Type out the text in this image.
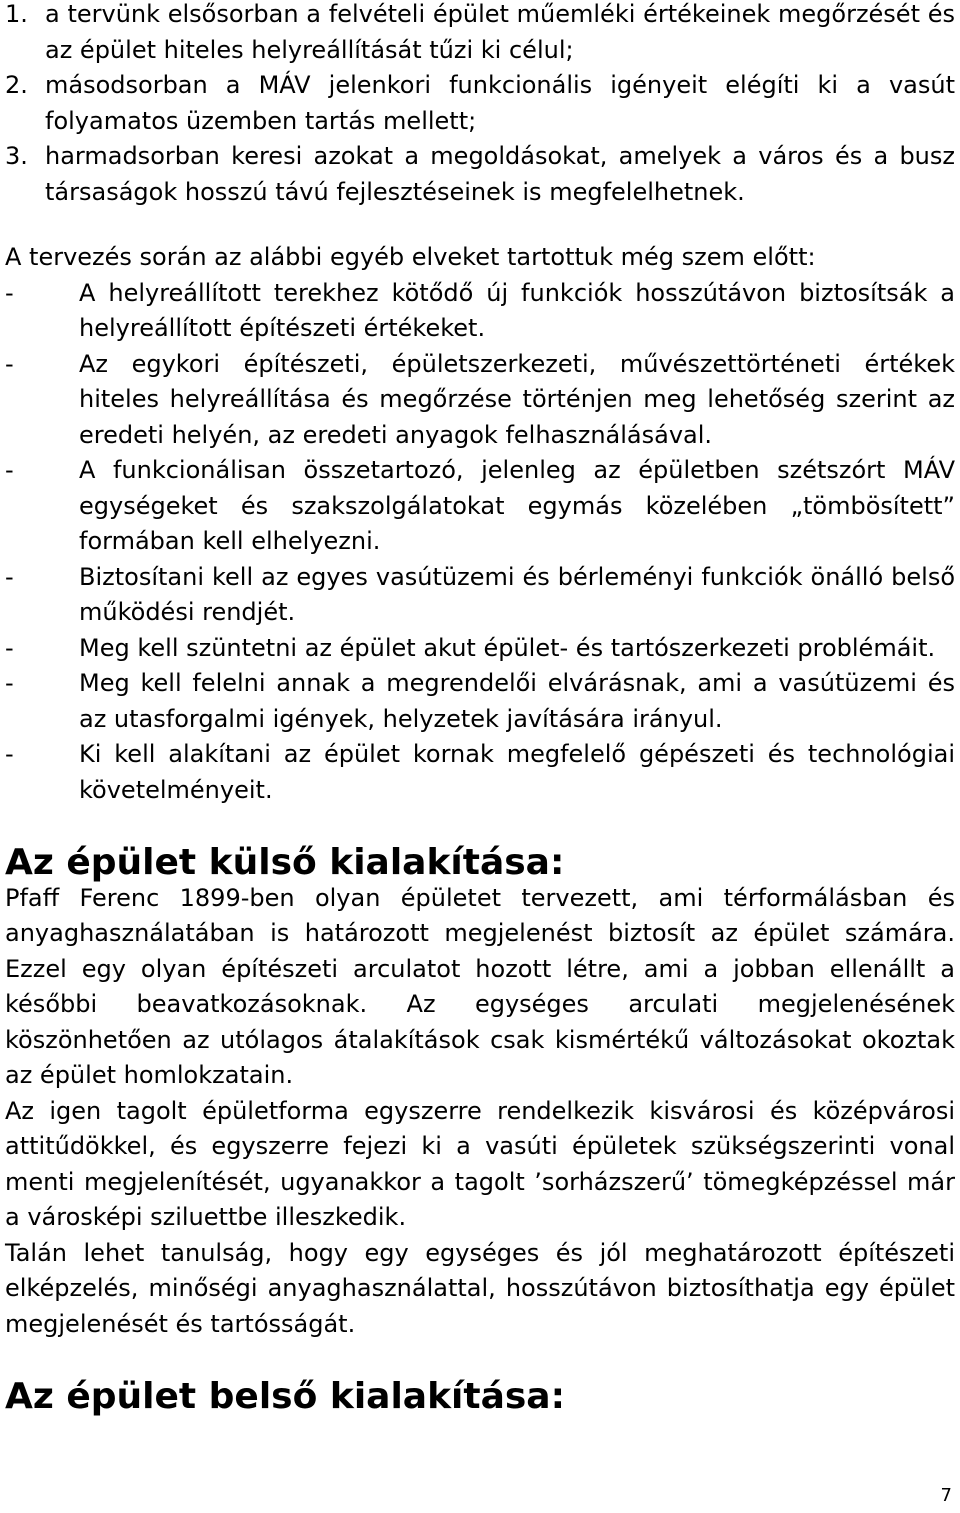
1. a tervünk elsősorban a felvételi épület műemléki értékeinek megőrzését és az épület hiteles helyreállítását tűzi ki célul;
2. másodsorban a MÁV jelenkori funkcionális igényeit elégíti ki a vasút folyamatos üzemben tartás mellett;
3. harmadsorban keresi azokat a megoldásokat, amelyek a város és a busz társaságok hosszú távú fejlesztéseinek is megfelelhetnek.

A tervezés során az alábbi egyéb elveket tartottuk még szem előtt:

-	A helyreállított terekhez kötődő új funkciók hosszútávon biztosítsák a helyreállított építészeti értékeket.
-	Az egykori építészeti, épületszerkezeti, művészettörténeti értékek hiteles helyreállítása és megőrzése történjen meg lehetőség szerint az eredeti helyén, az eredeti anyagok felhasználásával.
-	A funkcionálisan összetartozó, jelenleg az épületben szétszórt MÁV egységeket és szakszolgálatokat egymás közelében „tömbösített” formában kell elhelyezni.
-	Biztosítani kell az egyes vasútüzemi és bérleményi funkciók önálló belső működési rendjét.
-	Meg kell szüntetni az épület akut épület- és tartószerkezeti problémáit.
-	Meg kell felelni annak a megrendelői elvárásnak, ami a vasútüzemi és az utasforgalmi igények, helyzetek javítására irányul.
-	Ki kell alakítani az épület kornak megfelelő gépészeti és technológiai követelményeit.
Az épület külső kialakítása:

Pfaff Ferenc 1899-ben olyan épületet tervezett, ami térformálásban és anyaghasználatában is határozott megjelenést biztosít az épület számára. Ezzel egy olyan építészeti arculatot hozott létre, ami a jobban ellenállt a későbbi beavatkozásoknak. Az egységes arculati megjelenésének köszönhetően az utólagos átalakítások csak kismértékű változásokat okoztak az épület homlokzatain.

Az igen tagolt épületforma egyszerre rendelkezik kisvárosi és középvárosi attitűdökkel, és egyszerre fejezi ki a vasúti épületek szükségszerinti vonal menti megjelenítését, ugyanakkor a tagolt ’sorházszerű’ tömegképzéssel már a városképi sziluettbe illeszkedik.

Talán lehet tanulság, hogy egy egységes és jól meghatározott építészeti elképzelés, minőségi anyaghasználattal, hosszútávon biztosíthatja egy épület megjelenését és tartósságát.

Az épület belső kialakítása:
7
